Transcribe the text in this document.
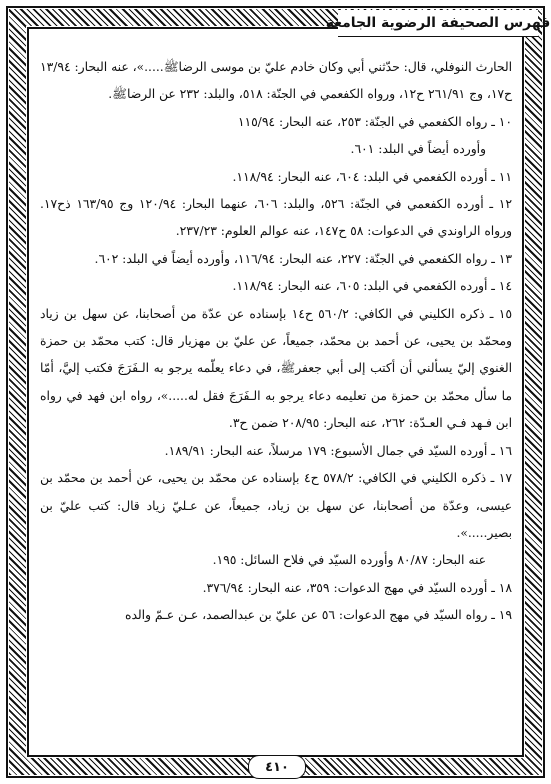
فهرس الصحيفة الرضوية الجامعة

الحارث النوفلي، قال: حدّثني أبي وكان خادم عليّ بن موسى الرضاﷺ.....»، عنه البحار: ١٣/٩٤ ح١٧، وج ٢٦١/٩١ ح١٢، ورواه الكفعمي في الجنّة: ٥١٨، والبلد: ٢٣٢ عن الرضاﷺ.

١٠ ـ رواه الكفعمي في الجنّة: ٢٥٣، عنه البحار: ١١٥/٩٤

وأورده أيضاً في البلد: ٦٠١.

١١ ـ أورده الكفعمي في البلد: ٦٠٤، عنه البحار: ١١٨/٩٤.

١٢ ـ أورده الكفعمي في الجنّة: ٥٢٦، والبلد: ٦٠٦، عنهما البحار: ١٢٠/٩٤ وج ١٦٣/٩٥ ذح١٧. ورواه الراوندي في الدعوات: ٥٨ ح١٤٧، عنه عوالم العلوم: ٢٣٧/٢٣.

١٣ ـ رواه الكفعمي في الجنّة: ٢٢٧، عنه البحار: ١١٦/٩٤، وأورده أيضاً في البلد: ٦٠٢.

١٤ ـ أورده الكفعمي في البلد: ٦٠٥، عنه البحار: ١١٨/٩٤.

١٥ ـ ذكره الكليني في الكافي: ٥٦٠/٢ ح١٤ بإسناده عن عدّة من أصحابنا، عن سهل بن زياد ومحمّد بن يحيى، عن أحمد بن محمّد، جميعاً، عن عليّ بن مهزيار قال: كتب محمّد بن حمزة الغنوي إليّ يسألني أن أكتب إلى أبي جعفرﷺ، في دعاء يعلّمه يرجو به الـفَرَجَ فكتب إليَّ، أمّا ما سأل محمّد بن حمزة من تعليمه دعاء يرجو به الـفَرَجَ فقل له.....»، رواه ابن فهد في رواه ابن فـهد فـي العـدّة: ٢٦٢، عنه البحار: ٢٠٨/٩٥ ضمن ح٣.

١٦ ـ أورده السيّد في جمال الأسبوع: ١٧٩ مرسلاً، عنه البحار: ١٨٩/٩١.

١٧ ـ ذكره الكليني في الكافي: ٥٧٨/٢ ح٤ بإسناده عن محمّد بن يحيى، عن أحمد بن محمّد بن عيسى، وعدّة من أصحابنا، عن سهل بن زياد، جميعاً، عن عـليّ زياد قال: كتب عليّ بن بصير.....».

عنه البحار: ٨٠/٨٧ وأورده السيّد في فلاح السائل: ١٩٥.

١٨ ـ أورده السيّد في مهج الدعوات: ٣٥٩، عنه البحار: ٣٧٦/٩٤.

١٩ ـ رواه السيّد في مهج الدعوات: ٥٦ عن عليّ بن عبدالصمد، عـن عـمّ والده

٤١٠
